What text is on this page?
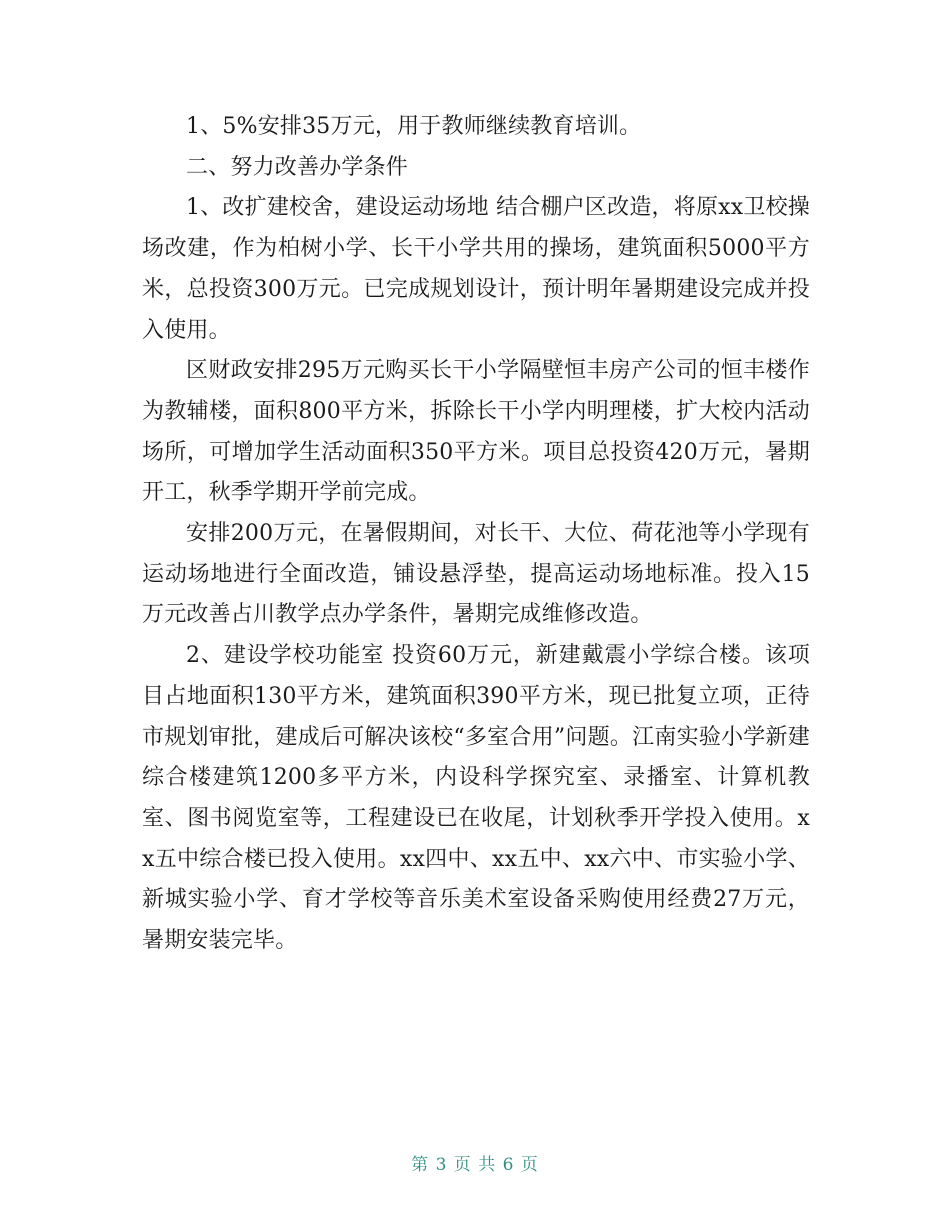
1、5%安排35万元，用于教师继续教育培训。

二、努力改善办学条件

1、改扩建校舍，建设运动场地 结合棚户区改造，将原xx卫校操场改建，作为柏树小学、长干小学共用的操场，建筑面积5000平方米，总投资300万元。已完成规划设计，预计明年暑期建设完成并投入使用。

区财政安排295万元购买长干小学隔壁恒丰房产公司的恒丰楼作为教辅楼，面积800平方米，拆除长干小学内明理楼，扩大校内活动场所，可增加学生活动面积350平方米。项目总投资420万元，暑期开工，秋季学期开学前完成。

安排200万元，在暑假期间，对长干、大位、荷花池等小学现有运动场地进行全面改造，铺设悬浮垫，提高运动场地标准。投入15万元改善占川教学点办学条件，暑期完成维修改造。

2、建设学校功能室 投资60万元，新建戴震小学综合楼。该项目占地面积130平方米，建筑面积390平方米，现已批复立项，正待市规划审批，建成后可解决该校“多室合用”问题。江南实验小学新建综合楼建筑1200多平方米，内设科学探究室、录播室、计算机教室、图书阅览室等，工程建设已在收尾，计划秋季开学投入使用。xx五中综合楼已投入使用。xx四中、xx五中、xx六中、市实验小学、新城实验小学、育才学校等音乐美术室设备采购使用经费27万元，暑期安装完毕。

第 3 页 共 6 页
